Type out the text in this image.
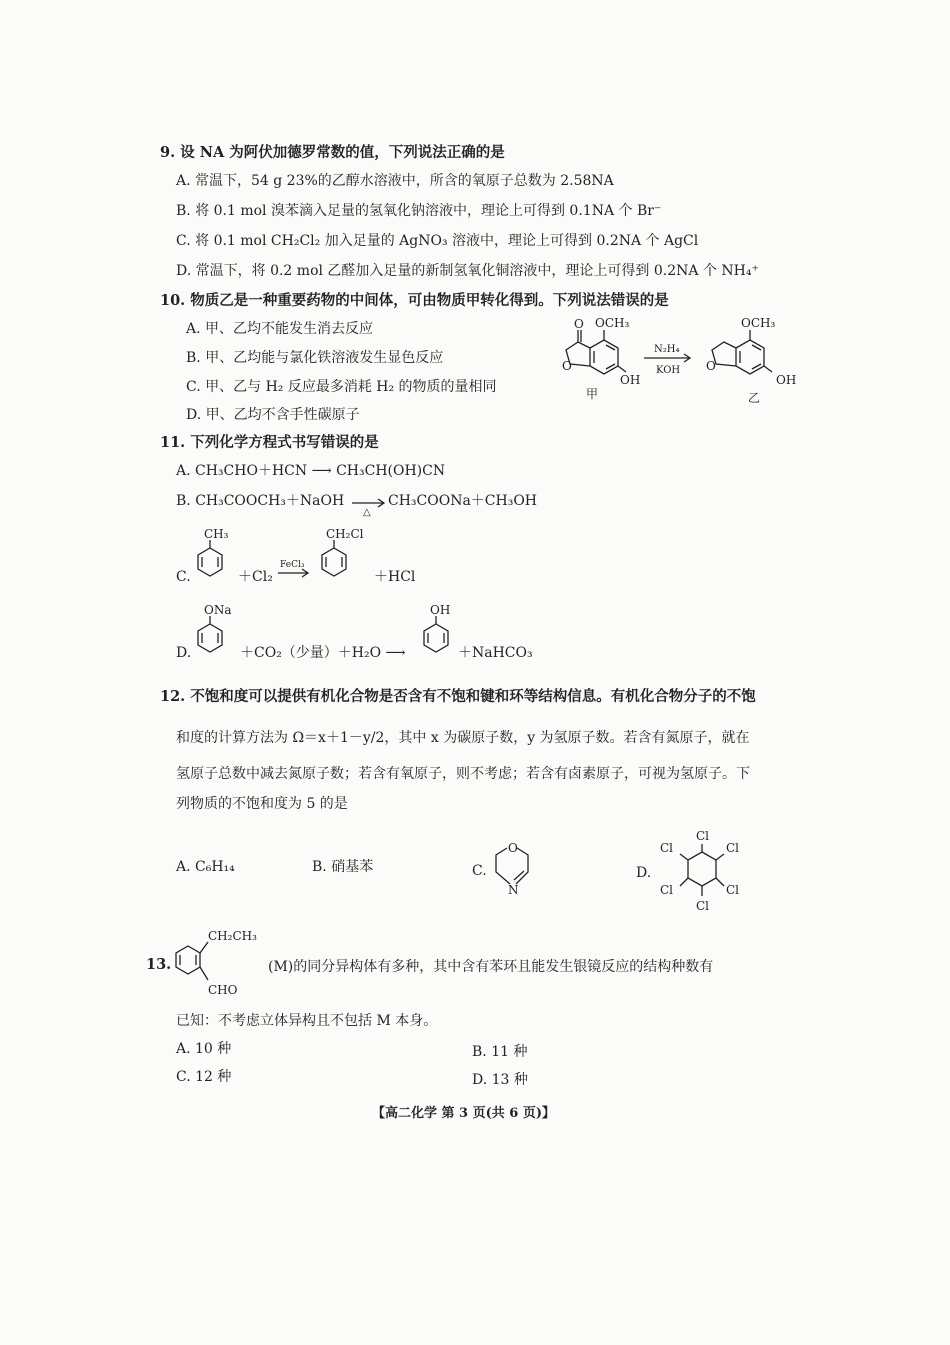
9. 设 NA 为阿伏加德罗常数的值，下列说法正确的是
A. 常温下，54 g 23%的乙醇水溶液中，所含的氧原子总数为 2.58NA
B. 将 0.1 mol 溴苯滴入足量的氢氧化钠溶液中，理论上可得到 0.1NA 个 Br⁻
C. 将 0.1 mol CH₂Cl₂ 加入足量的 AgNO₃ 溶液中，理论上可得到 0.2NA 个 AgCl
D. 常温下，将 0.2 mol 乙醛加入足量的新制氢氧化铜溶液中，理论上可得到 0.2NA 个 NH₄⁺
10. 物质乙是一种重要药物的中间体，可由物质甲转化得到。下列说法错误的是
A. 甲、乙均不能发生消去反应
B. 甲、乙均能与氯化铁溶液发生显色反应
C. 甲、乙与 H₂ 反应最多消耗 H₂ 的物质的量相同
D. 甲、乙均不含手性碳原子
O OCH₃
O
OH
甲
N₂H₄
KOH
OCH₃
O
OH
乙
11. 下列化学方程式书写错误的是
A. CH₃CHO＋HCN ⟶ CH₃CH(OH)CN
B. CH₃COOCH₃＋NaOH
△
CH₃COONa＋CH₃OH
C.
CH₃
＋Cl₂
FeCl₃
CH₂Cl
＋HCl
D.
ONa
＋CO₂（少量）＋H₂O ⟶
OH
＋NaHCO₃
12. 不饱和度可以提供有机化合物是否含有不饱和键和环等结构信息。有机化合物分子的不饱
和度的计算方法为 Ω＝x＋1－y/2，其中 x 为碳原子数，y 为氢原子数。若含有氮原子，就在
氢原子总数中减去氮原子数；若含有氧原子，则不考虑；若含有卤素原子，可视为氢原子。下
列物质的不饱和度为 5 的是
A. C₆H₁₄	B. 硝基苯	C.
O
N
D.
Cl
Cl
Cl
Cl
Cl
Cl
13.
CH₂CH₃
CHO
(M)的同分异构体有多种，其中含有苯环且能发生银镜反应的结构种数有
已知：不考虑立体异构且不包括 M 本身。
A. 10 种	B. 11 种
C. 12 种	D. 13 种
【高二化学 第 3 页(共 6 页)】
